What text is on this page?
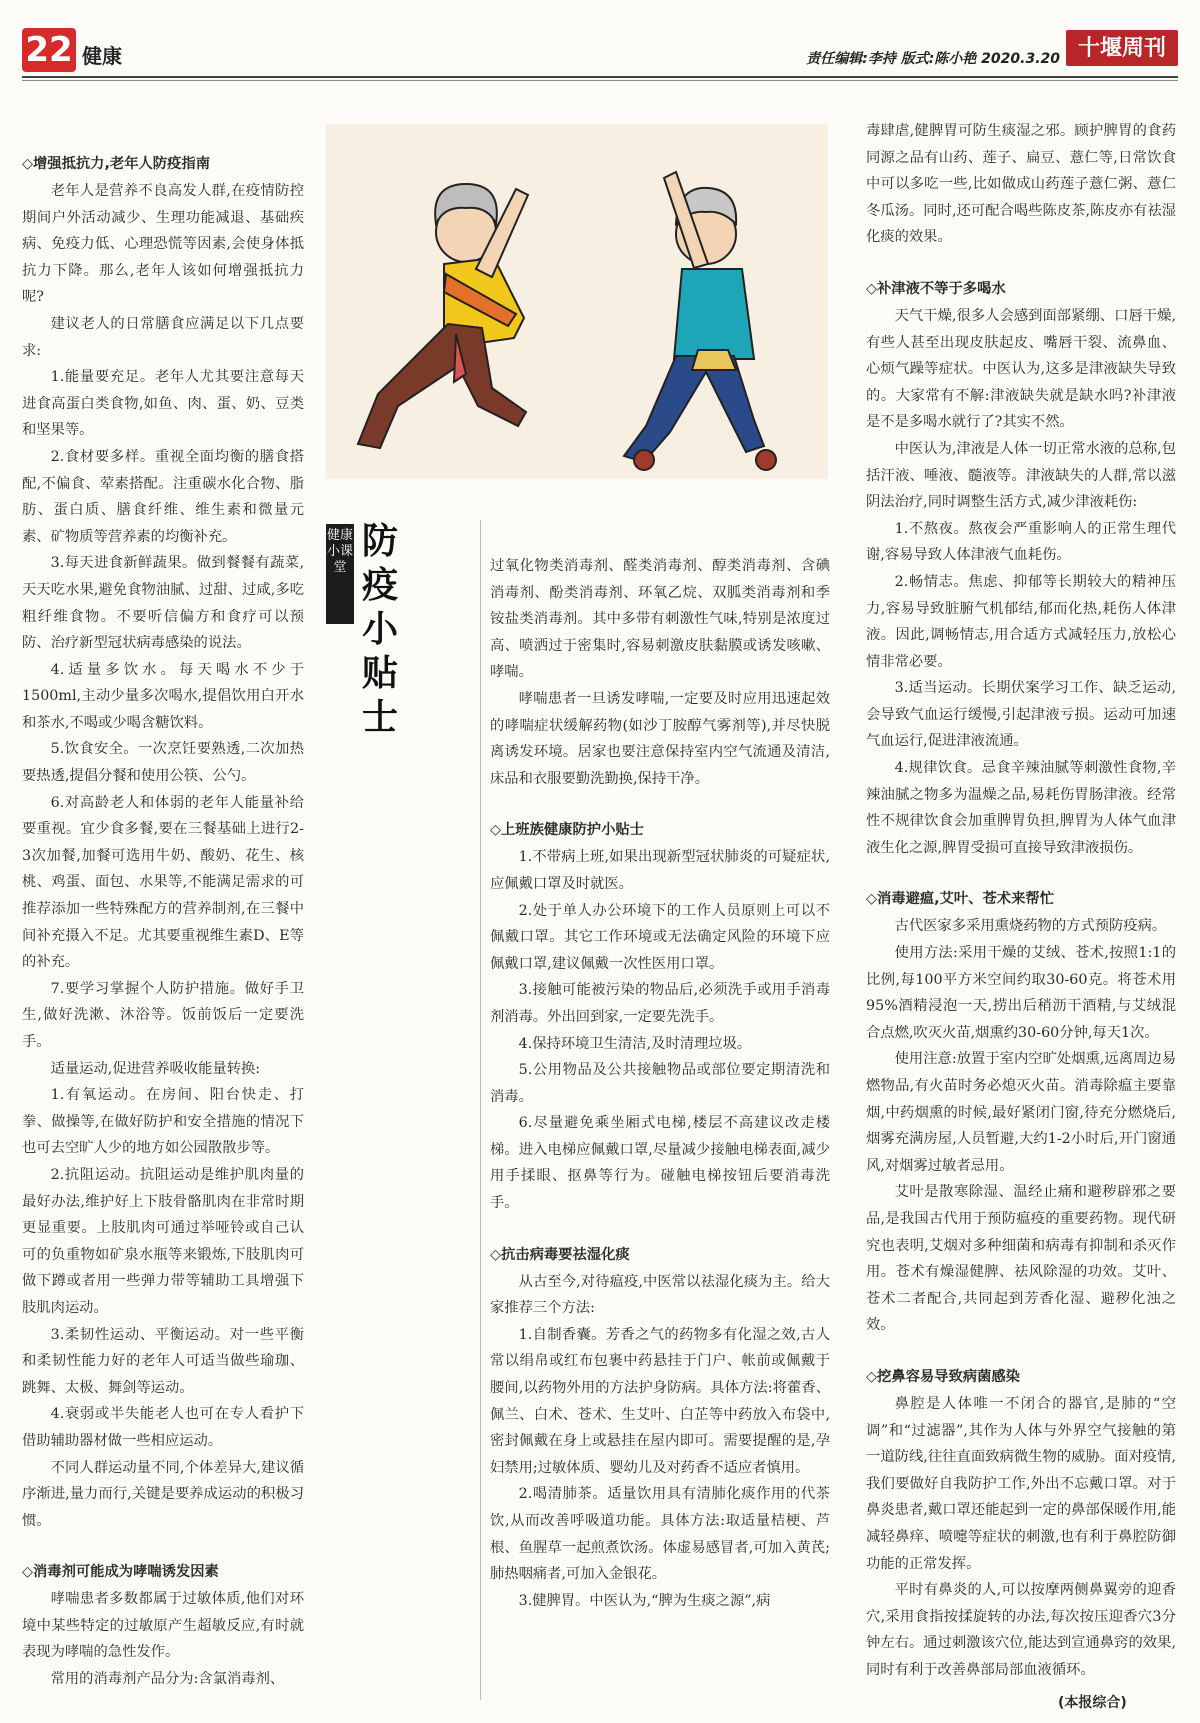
22 健康	责任编辑:李持 版式:陈小艳 2020.3.20 十堰周刊
◇增强抵抗力,老年人防疫指南

老年人是营养不良高发人群,在疫情防控期间户外活动减少、生理功能减退、基础疾病、免疫力低、心理恐慌等因素,会使身体抵抗力下降。那么,老年人该如何增强抵抗力呢?

建议老人的日常膳食应满足以下几点要求:

1.能量要充足。老年人尤其要注意每天进食高蛋白类食物,如鱼、肉、蛋、奶、豆类和坚果等。

2.食材要多样。重视全面均衡的膳食搭配,不偏食、荤素搭配。注重碳水化合物、脂肪、蛋白质、膳食纤维、维生素和微量元素、矿物质等营养素的均衡补充。

3.每天进食新鲜蔬果。做到餐餐有蔬菜,天天吃水果,避免食物油腻、过甜、过咸,多吃粗纤维食物。不要听信偏方和食疗可以预防、治疗新型冠状病毒感染的说法。

4.适量多饮水。每天喝水不少于1500ml,主动少量多次喝水,提倡饮用白开水和茶水,不喝或少喝含糖饮料。

5.饮食安全。一次烹饪要熟透,二次加热要热透,提倡分餐和使用公筷、公勺。

6.对高龄老人和体弱的老年人能量补给要重视。宜少食多餐,要在三餐基础上进行2-3次加餐,加餐可选用牛奶、酸奶、花生、核桃、鸡蛋、面包、水果等,不能满足需求的可推荐添加一些特殊配方的营养制剂,在三餐中间补充摄入不足。尤其要重视维生素D、E等的补充。

7.要学习掌握个人防护措施。做好手卫生,做好洗漱、沐浴等。饭前饭后一定要洗手。

适量运动,促进营养吸收能量转换:

1.有氧运动。在房间、阳台快走、打拳、做操等,在做好防护和安全措施的情况下也可去空旷人少的地方如公园散散步等。

2.抗阻运动。抗阻运动是维护肌肉量的最好办法,维护好上下肢骨骼肌肉在非常时期更显重要。上肢肌肉可通过举哑铃或自己认可的负重物如矿泉水瓶等来锻炼,下肢肌肉可做下蹲或者用一些弹力带等辅助工具增强下肢肌肉运动。

3.柔韧性运动、平衡运动。对一些平衡和柔韧性能力好的老年人可适当做些瑜珈、跳舞、太极、舞剑等运动。

4.衰弱或半失能老人也可在专人看护下借助辅助器材做一些相应运动。

不同人群运动量不同,个体差异大,建议循序渐进,量力而行,关键是要养成运动的积极习惯。

◇消毒剂可能成为哮喘诱发因素

哮喘患者多数都属于过敏体质,他们对环境中某些特定的过敏原产生超敏反应,有时就表现为哮喘的急性发作。

常用的消毒剂产品分为:含氯消毒剂、

健康小课堂
防疫小贴士

过氧化物类消毒剂、醛类消毒剂、醇类消毒剂、含碘消毒剂、酚类消毒剂、环氧乙烷、双胍类消毒剂和季铵盐类消毒剂。其中多带有刺激性气味,特别是浓度过高、喷洒过于密集时,容易刺激皮肤黏膜或诱发咳嗽、哮喘。

哮喘患者一旦诱发哮喘,一定要及时应用迅速起效的哮喘症状缓解药物(如沙丁胺醇气雾剂等),并尽快脱离诱发环境。居家也要注意保持室内空气流通及清洁,床品和衣服要勤洗勤换,保持干净。

◇上班族健康防护小贴士

1.不带病上班,如果出现新型冠状肺炎的可疑症状,应佩戴口罩及时就医。

2.处于单人办公环境下的工作人员原则上可以不佩戴口罩。其它工作环境或无法确定风险的环境下应佩戴口罩,建议佩戴一次性医用口罩。

3.接触可能被污染的物品后,必须洗手或用手消毒剂消毒。外出回到家,一定要先洗手。

4.保持环境卫生清洁,及时清理垃圾。

5.公用物品及公共接触物品或部位要定期清洗和消毒。

6.尽量避免乘坐厢式电梯,楼层不高建议改走楼梯。进入电梯应佩戴口罩,尽量减少接触电梯表面,减少用手揉眼、抠鼻等行为。碰触电梯按钮后要消毒洗手。

◇抗击病毒要祛湿化痰

从古至今,对待瘟疫,中医常以祛湿化痰为主。给大家推荐三个方法:

1.自制香囊。芳香之气的药物多有化湿之效,古人常以绢帛或红布包裹中药悬挂于门户、帐前或佩戴于腰间,以药物外用的方法护身防病。具体方法:将藿香、佩兰、白术、苍术、生艾叶、白芷等中药放入布袋中,密封佩戴在身上或悬挂在屋内即可。需要提醒的是,孕妇禁用;过敏体质、婴幼儿及对药香不适应者慎用。

2.喝清肺茶。适量饮用具有清肺化痰作用的代茶饮,从而改善呼吸道功能。具体方法:取适量桔梗、芦根、鱼腥草一起煎煮饮汤。体虚易感冒者,可加入黄芪;肺热咽痛者,可加入金银花。

3.健脾胃。中医认为,“脾为生痰之源”,病

毒肆虐,健脾胃可防生痰湿之邪。顾护脾胃的食药同源之品有山药、莲子、扁豆、薏仁等,日常饮食中可以多吃一些,比如做成山药莲子薏仁粥、薏仁冬瓜汤。同时,还可配合喝些陈皮茶,陈皮亦有祛湿化痰的效果。

◇补津液不等于多喝水

天气干燥,很多人会感到面部紧绷、口唇干燥,有些人甚至出现皮肤起皮、嘴唇干裂、流鼻血、心烦气躁等症状。中医认为,这多是津液缺失导致的。大家常有不解:津液缺失就是缺水吗?补津液是不是多喝水就行了?其实不然。

中医认为,津液是人体一切正常水液的总称,包括汗液、唾液、髓液等。津液缺失的人群,常以滋阴法治疗,同时调整生活方式,减少津液耗伤:

1.不熬夜。熬夜会严重影响人的正常生理代谢,容易导致人体津液气血耗伤。

2.畅情志。焦虑、抑郁等长期较大的精神压力,容易导致脏腑气机郁结,郁而化热,耗伤人体津液。因此,调畅情志,用合适方式减轻压力,放松心情非常必要。

3.适当运动。长期伏案学习工作、缺乏运动,会导致气血运行缓慢,引起津液亏损。运动可加速气血运行,促进津液流通。

4.规律饮食。忌食辛辣油腻等刺激性食物,辛辣油腻之物多为温燥之品,易耗伤胃肠津液。经常性不规律饮食会加重脾胃负担,脾胃为人体气血津液生化之源,脾胃受损可直接导致津液损伤。

◇消毒避瘟,艾叶、苍术来帮忙

古代医家多采用熏烧药物的方式预防疫病。

使用方法:采用干燥的艾绒、苍术,按照1:1的比例,每100平方米空间约取30-60克。将苍术用95%酒精浸泡一天,捞出后稍沥干酒精,与艾绒混合点燃,吹灭火苗,烟熏约30-60分钟,每天1次。

使用注意:放置于室内空旷处烟熏,远离周边易燃物品,有火苗时务必熄灭火苗。消毒除瘟主要靠烟,中药烟熏的时候,最好紧闭门窗,待充分燃烧后,烟雾充满房屋,人员暂避,大约1-2小时后,开门窗通风,对烟雾过敏者忌用。

艾叶是散寒除湿、温经止痛和避秽辟邪之要品,是我国古代用于预防瘟疫的重要药物。现代研究也表明,艾烟对多种细菌和病毒有抑制和杀灭作用。苍术有燥湿健脾、祛风除湿的功效。艾叶、苍术二者配合,共同起到芳香化湿、避秽化浊之效。

◇挖鼻容易导致病菌感染

鼻腔是人体唯一不闭合的器官,是肺的“空调”和“过滤器”,其作为人体与外界空气接触的第一道防线,往往直面致病微生物的威胁。面对疫情,我们要做好自我防护工作,外出不忘戴口罩。对于鼻炎患者,戴口罩还能起到一定的鼻部保暖作用,能减轻鼻痒、喷嚏等症状的刺激,也有利于鼻腔防御功能的正常发挥。

平时有鼻炎的人,可以按摩两侧鼻翼旁的迎香穴,采用食指按揉旋转的办法,每次按压迎香穴3分钟左右。通过刺激该穴位,能达到宣通鼻窍的效果,同时有利于改善鼻部局部血液循环。

(本报综合)
